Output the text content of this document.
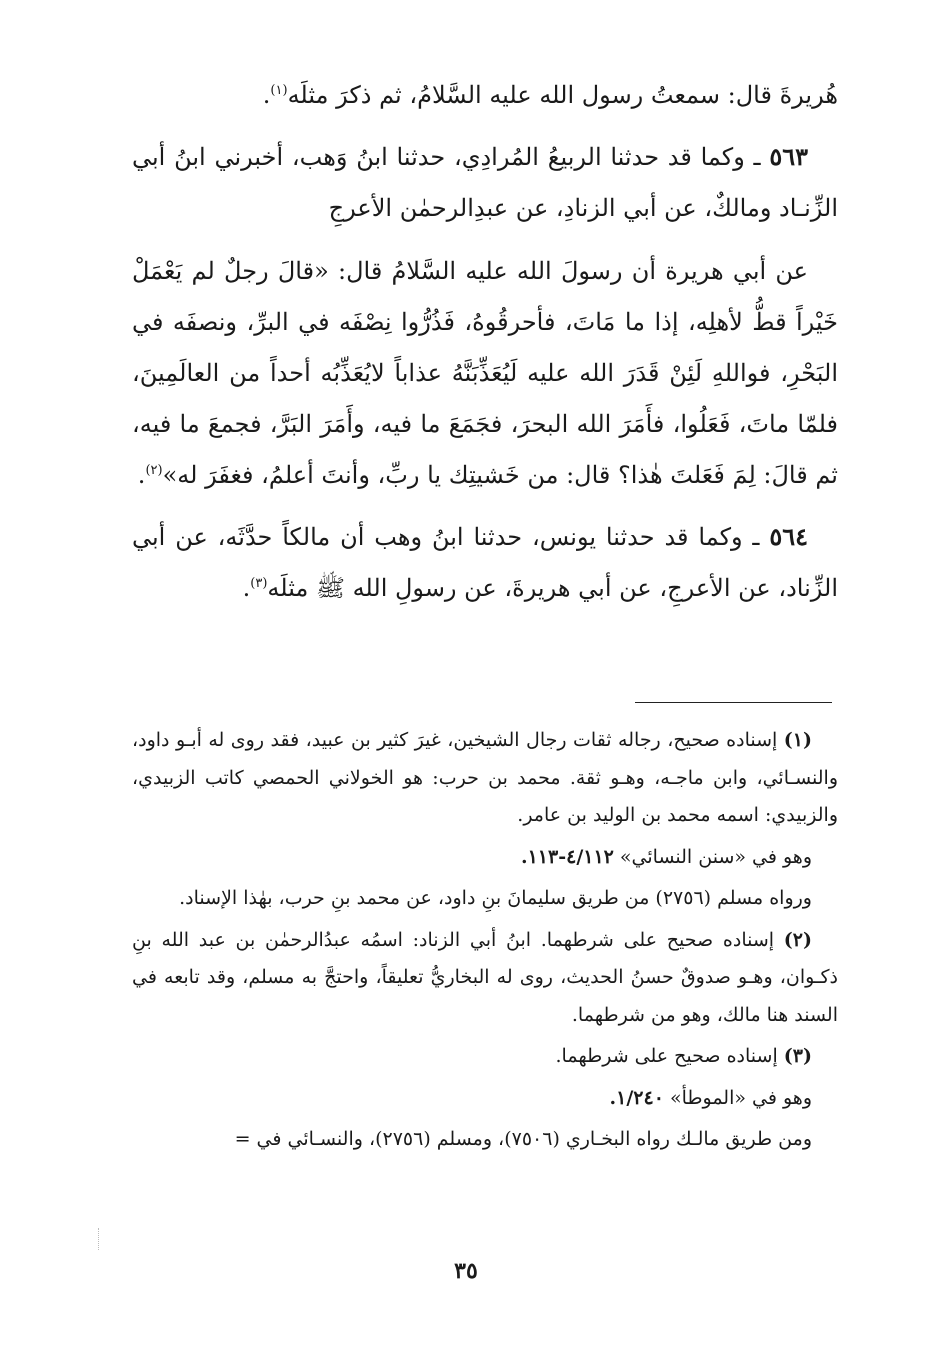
هُريرةَ قال: سمعتُ رسول الله عليه السَّلامُ، ثم ذكرَ مثلَه$^{(١)}$.

٥٦٣ ـ وكما قد حدثنا الربيعُ المُرادِي، حدثنا ابنُ وَهب، أخبرني ابنُ أبي الزِّنـاد ومالكٌ، عن أبي الزنادِ، عن عبدِالرحمٰن الأعرجِ

عن أبي هريرة أن رسولَ الله عليه السَّلامُ قال: «قالَ رجلٌ لم يَعْمَلْ خَيْراً قطُّ لأهلِه، إذا ما مَاتَ، فأحرقُوهُ، فَذُرُّوا نِصْفَه في البرِّ، ونصفَه في البَحْرِ، فواللهِ لَئِنْ قَدَرَ الله عليه لَيُعَذِّبَنَّهُ عذاباً لايُعَذِّبُه أحداً من العالَمِينَ، فلمّا ماتَ، فَعَلُوا، فأَمَرَ الله البحرَ، فجَمَعَ ما فيه، وأَمَرَ البَرَّ، فجمعَ ما فيه، ثم قالَ: لِمَ فَعَلتَ هٰذا؟ قال: من خَشيتِك يا ربِّ، وأنتَ أعلمُ، فغفَرَ له»$^{(٢)}$.

٥٦٤ ـ وكما قد حدثنا يونس، حدثنا ابنُ وهب أن مالكاً حدَّثَه، عن أبي الزِّناد، عن الأعرجِ، عن أبي هريرةَ، عن رسولِ الله ﷺ مثلَه$^{(٣)}$.

(١) إسناده صحيح، رجاله ثقات رجال الشيخين، غيرَ كثير بن عبيد، فقد روى له أبـو داود، والنسـائي، وابن ماجـه، وهـو ثقة. محمد بن حرب: هو الخولاني الحمصي كاتب الزبيدي، والزبيدي: اسمه محمد بن الوليد بن عامر.

وهو في «سنن النسائي» ٤/١١٢-١١٣.

ورواه مسلم (٢٧٥٦) من طريق سليمانَ بنِ داود، عن محمد بنِ حرب، بهٰذا الإسناد.

(٢) إسناده صحيح على شرطهما. ابنُ أبي الزناد: اسمُه عبدُالرحمٰن بن عبد الله بنِ ذكـوان، وهـو صدوقٌ حسنُ الحديث، روى له البخاريُّ تعليقاً، واحتجَّ به مسلم، وقد تابعه في السند هنا مالك، وهو من شرطهما.

(٣) إسناده صحيح على شرطهما.

وهو في «الموطأ» ١/٢٤٠.

ومن طريق مالـك رواه البخـاري (٧٥٠٦)، ومسلم (٢٧٥٦)، والنسـائي في =

٣٥
